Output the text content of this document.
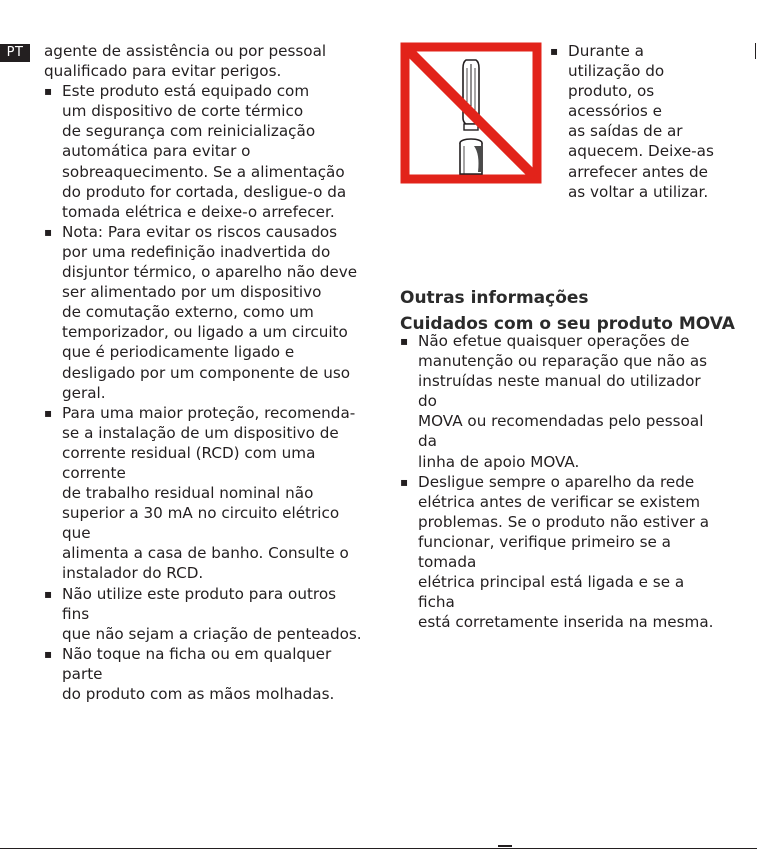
PT	agente de assistência ou por pessoal
qualificado para evitar perigos.

▪ Este produto está equipado com
um dispositivo de corte térmico
de segurança com reinicialização
automática para evitar o
sobreaquecimento. Se a alimentação
do produto for cortada, desligue-o da
tomada elétrica e deixe-o arrefecer.
▪ Nota: Para evitar os riscos causados
por uma redefinição inadvertida do
disjuntor térmico, o aparelho não deve
ser alimentado por um dispositivo
de comutação externo, como um
temporizador, ou ligado a um circuito
que é periodicamente ligado e
desligado por um componente de uso
geral.
▪ Para uma maior proteção, recomenda-
se a instalação de um dispositivo de
corrente residual (RCD) com uma corrente
de trabalho residual nominal não
superior a 30 mA no circuito elétrico que
alimenta a casa de banho. Consulte o
instalador do RCD.
▪ Não utilize este produto para outros fins
que não sejam a criação de penteados.
▪ Não toque na ficha ou em qualquer parte
do produto com as mãos molhadas.
▪ Durante a
utilização do
produto, os
acessórios e
as saídas de ar
aquecem. Deixe-as
arrefecer antes de
as voltar a utilizar.

Outras informações

Cuidados com o seu produto MOVA

▪ Não efetue quaisquer operações de
manutenção ou reparação que não as
instruídas neste manual do utilizador do
MOVA ou recomendadas pelo pessoal da
linha de apoio MOVA.
▪ Desligue sempre o aparelho da rede
elétrica antes de verificar se existem
problemas. Se o produto não estiver a
funcionar, verifique primeiro se a tomada
elétrica principal está ligada e se a ficha
está corretamente inserida na mesma.
